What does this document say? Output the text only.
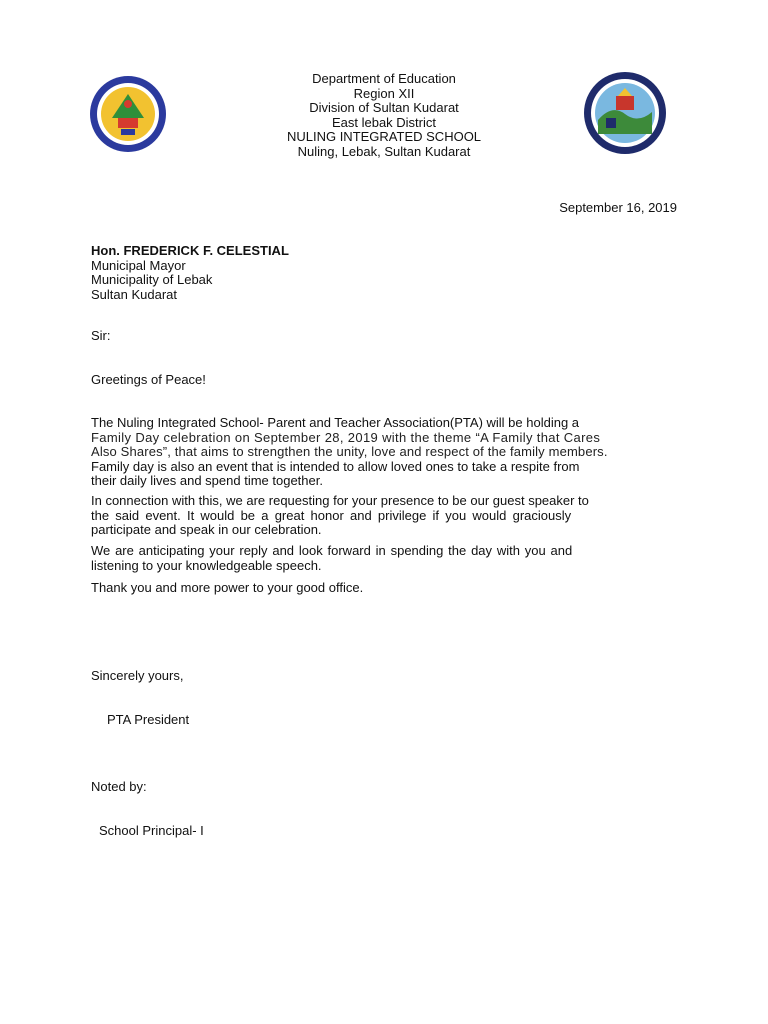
Department of Education
Region XII
Division of Sultan Kudarat
East lebak District
NULING INTEGRATED SCHOOL
Nuling, Lebak, Sultan Kudarat
September 16, 2019
Hon. FREDERICK F. CELESTIAL
Municipal Mayor
Municipality of Lebak
Sultan Kudarat
Sir:
Greetings of Peace!
The Nuling Integrated School- Parent and Teacher Association(PTA) will be holding a
Family Day celebration on September 28, 2019 with the theme “A Family that Cares
Also Shares”, that aims to strengthen the unity, love and respect of the family members.
Family day is also an event that is intended to allow loved ones to take a respite from
their daily lives and spend time together.
In connection with this, we are requesting for your presence to be our guest speaker to
the said event. It would be a great honor and privilege if you would graciously
participate and speak in our celebration.
We are anticipating your reply and look forward in spending the day with you and
listening to your knowledgeable speech.
Thank you and more power to your good office.
Sincerely yours,
PTA President
Noted by:
School Principal- I
